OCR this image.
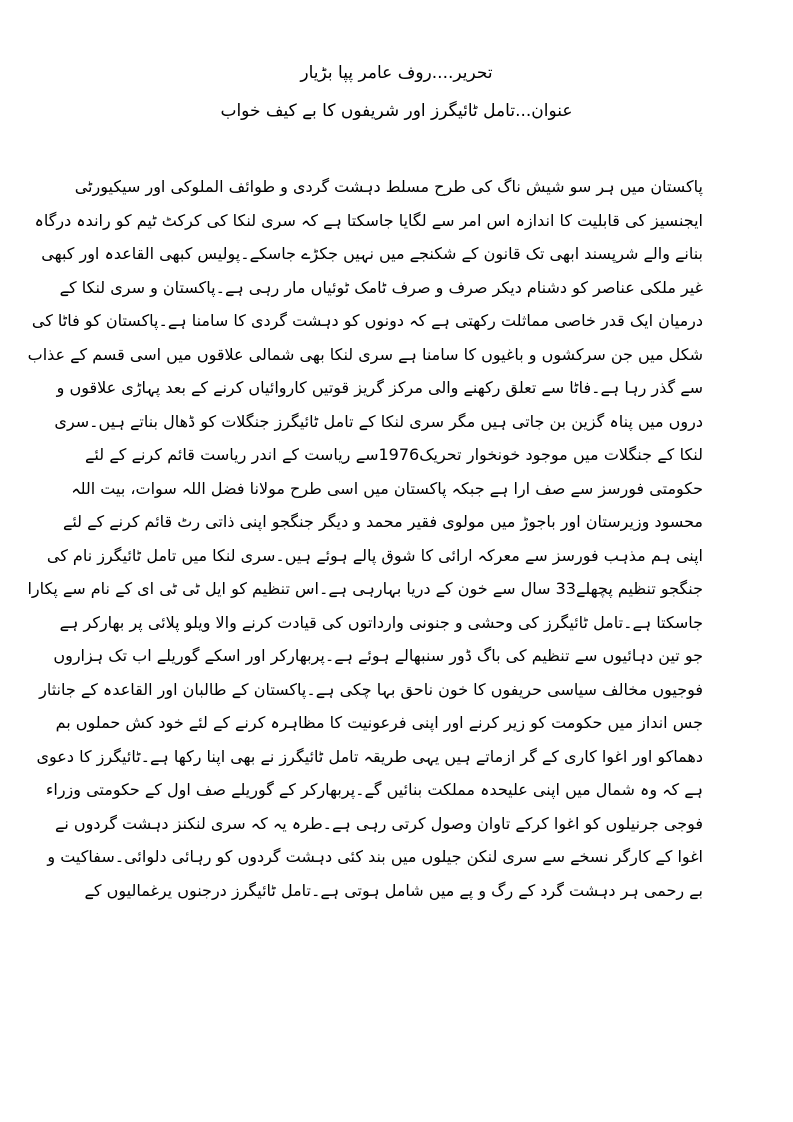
تحریر....روف عامر پپا بڑیار
عنوان...تامل ٹائیگرز اور شریفوں کا بے کیف خواب
پاکستان میں ہر سو شیش ناگ کی طرح مسلط دہشت گردی و طوائف الملوکی اور سیکیورٹی
ایجنسیز کی قابلیت کا اندازہ اس امر سے لگایا جاسکتا ہے کہ سری لنکا کی کرکٹ ٹیم کو راندہ درگاہ
بنانے والے شرپسند ابھی تک قانون کے شکنجے میں نہیں جکڑے جاسکے۔پولیس کبھی القاعدہ اور کبھی
غیر ملکی عناصر کو دشنام دیکر صرف و صرف ٹامک ٹوئیاں مار رہی ہے۔پاکستان و سری لنکا کے
درمیان ایک قدر خاصی مماثلت رکھتی ہے کہ دونوں کو دہشت گردی کا سامنا ہے۔پاکستان کو فاٹا کی
شکل میں جن سرکشوں و باغیوں کا سامنا ہے سری لنکا بھی شمالی علاقوں میں اسی قسم کے عذاب
سے گذر رہا ہے۔فاٹا سے تعلق رکھنے والی مرکز گریز قوتیں کاروائیاں کرنے کے بعد پہاڑی علاقوں و
دروں میں پناہ گزین بن جاتی ہیں مگر سری لنکا کے تامل ٹائیگرز جنگلات کو ڈھال بناتے ہیں۔سری
لنکا کے جنگلات میں موجود خونخوار تحریک1976سے ریاست کے اندر ریاست قائم کرنے کے لئے
حکومتی فورسز سے صف ارا ہے جبکہ پاکستان میں اسی طرح مولانا فضل اللہ سوات، بیت اللہ
محسود وزیرستان اور باجوڑ میں مولوی فقیر محمد و دیگر جنگجو اپنی ذاتی رٹ قائم کرنے کے لئے
اپنی ہم مذہب فورسز سے معرکہ ارائی کا شوق پالے ہوئے ہیں۔سری لنکا میں تامل ٹائیگرز نام کی
جنگجو تنظیم پچھلے33 سال سے خون کے دریا بہارہی ہے۔اس تنظیم کو ایل ٹی ٹی ای کے نام سے پکارا
جاسکتا ہے۔تامل ٹائیگرز کی وحشی و جنونی وارداتوں کی قیادت کرنے والا ویلو پلائی پر بھارکر ہے
جو تین دہائیوں سے تنظیم کی باگ ڈور سنبھالے ہوئے ہے۔پربھارکر اور اسکے گوریلے اب تک ہزاروں
فوجیوں مخالف سیاسی حریفوں کا خون ناحق بہا چکی ہے۔پاکستان کے طالبان اور القاعدہ کے جانثار
جس انداز میں حکومت کو زیر کرنے اور اپنی فرعونیت کا مظاہرہ کرنے کے لئے خود کش حملوں بم
دھماکو اور اغوا کاری کے گر ازماتے ہیں یہی طریقہ تامل ٹائیگرز نے بھی اپنا رکھا ہے۔ٹائیگرز کا دعوی
ہے کہ وہ شمال میں اپنی علیحدہ مملکت بنائیں گے۔پربھارکر کے گوریلے صف اول کے حکومتی وزراء
فوجی جرنیلوں کو اغوا کرکے تاوان وصول کرتی رہی ہے۔طرہ یہ کہ سری لنکنز دہشت گردوں نے
اغوا کے کارگر نسخے سے سری لنکن جیلوں میں بند کئی دہشت گردوں کو رہائی دلوائی۔سفاکیت و
بے رحمی ہر دہشت گرد کے رگ و پے میں شامل ہوتی ہے۔تامل ٹائیگرز درجنوں یرغمالیوں کے
